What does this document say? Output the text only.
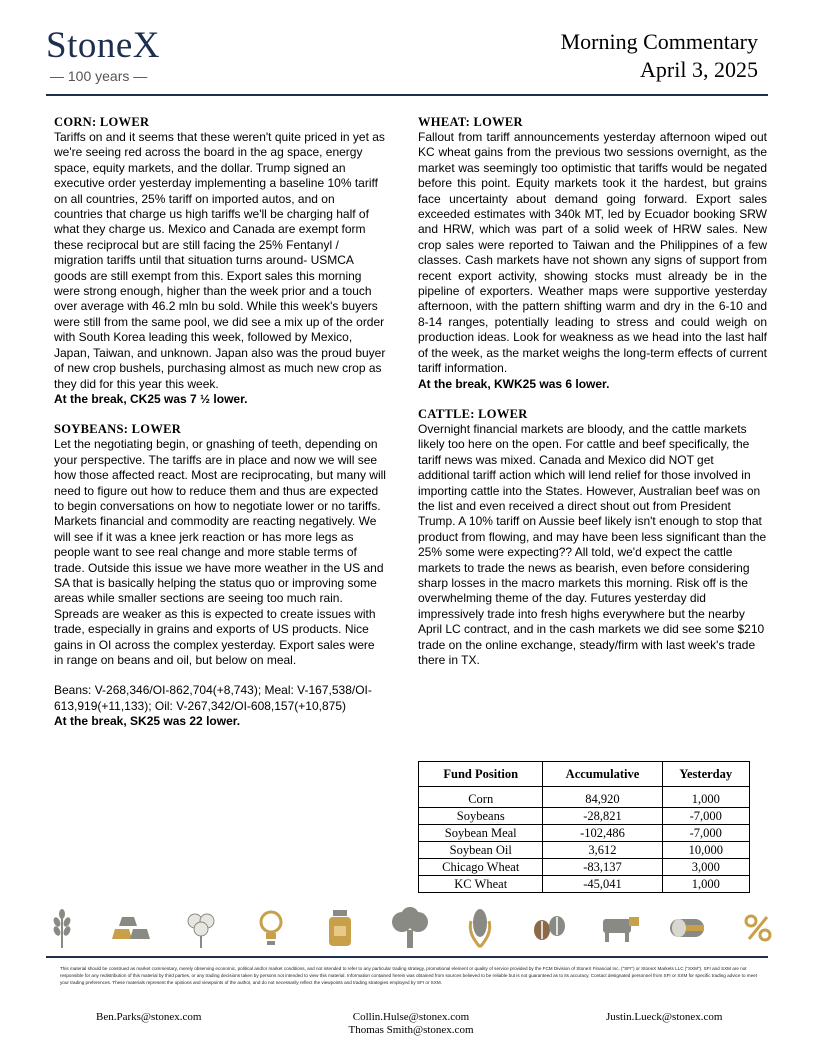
StoneX
— 100 years —
Morning Commentary
April 3, 2025
CORN: LOWER

Tariffs on and it seems that these weren't quite priced in yet as we're seeing red across the board in the ag space, energy space, equity markets, and the dollar. Trump signed an executive order yesterday implementing a baseline 10% tariff on all countries, 25% tariff on imported autos, and on countries that charge us high tariffs we'll be charging half of what they charge us. Mexico and Canada are exempt form these reciprocal but are still facing the 25% Fentanyl / migration tariffs until that situation turns around- USMCA goods are still exempt from this. Export sales this morning were strong enough, higher than the week prior and a touch over average with 46.2 mln bu sold. While this week's buyers were still from the same pool, we did see a mix up of the order with South Korea leading this week, followed by Mexico, Japan, Taiwan, and unknown. Japan also was the proud buyer of new crop bushels, purchasing almost as much new crop as they did for this year this week.

At the break, CK25 was 7 ½ lower.

SOYBEANS: LOWER

Let the negotiating begin, or gnashing of teeth, depending on your perspective. The tariffs are in place and now we will see how those affected react. Most are reciprocating, but many will need to figure out how to reduce them and thus are expected to begin conversations on how to negotiate lower or no tariffs. Markets financial and commodity are reacting negatively. We will see if it was a knee jerk reaction or has more legs as people want to see real change and more stable terms of trade. Outside this issue we have more weather in the US and SA that is basically helping the status quo or improving some areas while smaller sections are seeing too much rain. Spreads are weaker as this is expected to create issues with trade, especially in grains and exports of US products. Nice gains in OI across the complex yesterday. Export sales were in range on beans and oil, but below on meal.

Beans: V-268,346/OI-862,704(+8,743); Meal: V-167,538/OI-613,919(+11,133); Oil: V-267,342/OI-608,157(+10,875)

At the break, SK25 was 22 lower.

WHEAT: LOWER

Fallout from tariff announcements yesterday afternoon wiped out KC wheat gains from the previous two sessions overnight, as the market was seemingly too optimistic that tariffs would be negated before this point. Equity markets took it the hardest, but grains face uncertainty about demand going forward. Export sales exceeded estimates with 340k MT, led by Ecuador booking SRW and HRW, which was part of a solid week of HRW sales. New crop sales were reported to Taiwan and the Philippines of a few classes. Cash markets have not shown any signs of support from recent export activity, showing stocks must already be in the pipeline of exporters. Weather maps were supportive yesterday afternoon, with the pattern shifting warm and dry in the 6-10 and 8-14 ranges, potentially leading to stress and could weigh on production ideas. Look for weakness as we head into the last half of the week, as the market weighs the long-term effects of current tariff information.

At the break, KWK25 was 6 lower.

CATTLE: LOWER

Overnight financial markets are bloody, and the cattle markets likely too here on the open. For cattle and beef specifically, the tariff news was mixed. Canada and Mexico did NOT get additional tariff action which will lend relief for those involved in importing cattle into the States. However, Australian beef was on the list and even received a direct shout out from President Trump. A 10% tariff on Aussie beef likely isn't enough to stop that product from flowing, and may have been less significant than the 25% some were expecting?? All told, we'd expect the cattle markets to trade the news as bearish, even before considering sharp losses in the macro markets this morning. Risk off is the overwhelming theme of the day. Futures yesterday did impressively trade into fresh highs everywhere but the nearby April LC contract, and in the cash markets we did see some $210 trade on the online exchange, steady/firm with last week's trade there in TX.

Fund Position	Accumulative	Yesterday
Corn	84,920	1,000
Soybeans	-28,821	-7,000
Soybean Meal	-102,486	-7,000
Soybean Oil	3,612	10,000
Chicago Wheat	-83,137	3,000
KC Wheat	-45,041	1,000
This material should be construed as market commentary, merely observing economic, political and/or market conditions, and not intended to refer to any particular trading strategy, promotional element or quality of service provided by the FCM Division of StoneX Financial Inc. ("SFI") or StoneX Markets LLC ("SXM"). SFI and SXM are not responsible for any redistribution of this material by third parties, or any trading decisions taken by persons not intended to view this material. Information contained herein was obtained from sources believed to be reliable but is not guaranteed as to its accuracy. Contact designated personnel from SFI or SXM for specific trading advice to meet your trading preferences. These materials represent the opinions and viewpoints of the author, and do not necessarily reflect the viewpoints and trading strategies employed by SFI or SXM.
Ben.Parks@stonex.com	Collin.Hulse@stonex.com
Thomas Smith@stonex.com
Justin.Lueck@stonex.com
